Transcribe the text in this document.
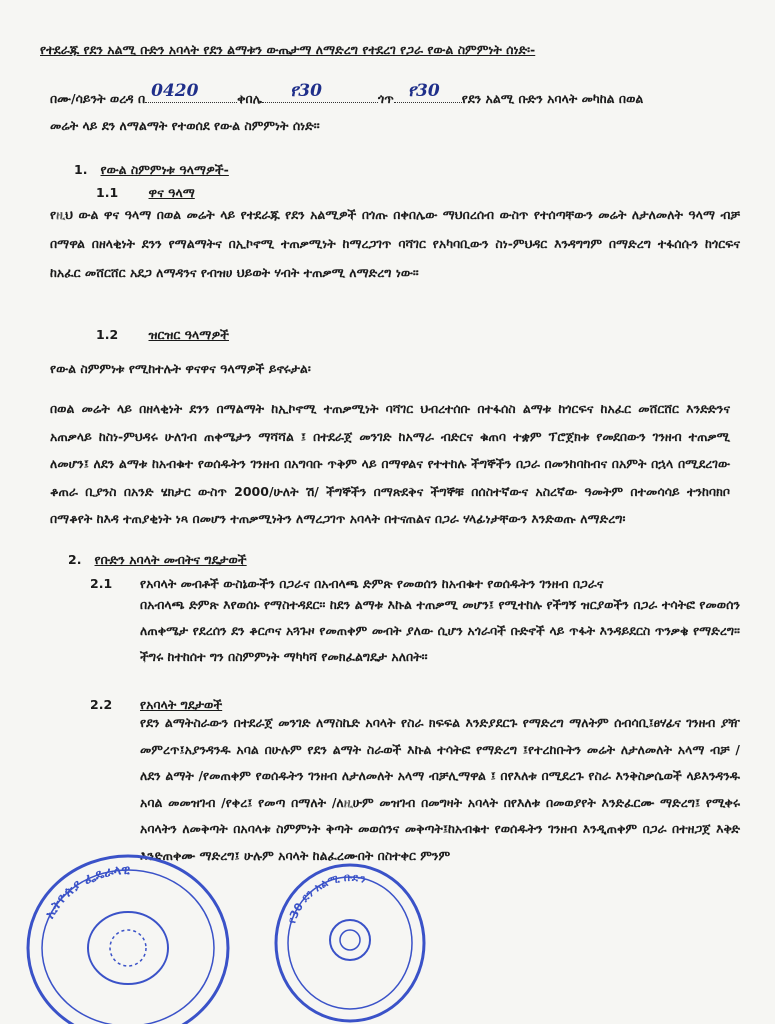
የተደራጁ የደን አልሚ ቡድን አባላት የደን ልማቱን ውጤታማ ለማድረግ የተደረገ የጋራ የውል ስምምነት ሰነድ፡-
በሙ/ሳይንት ወረዳ በ 0420	ቀበሌ የ30	ጎጥ የ30 የደን አልሚ ቡድን አባላት መካከል በወል
መሬት ላይ ደን ለማልማት የተወሰደ የውል ስምምነት ሰነድ፡፡
1. የውል ስምምነቱ ዓላማዎች-
1.1 ዋና ዓላማ
የዚህ ውል ዋና ዓላማ በወል መሬት ላይ የተደራጁ የደን አልሚዎች በጎጡ በቀበሌው ማህበረሰብ ውስጥ የተሰጣቸውን መሬት ለታለመለት ዓላማ ብቻ በማዋል በዘላቂነት ደንን የማልማትና በኢኮኖሚ ተጠቃሚነት ከማረጋገጥ ባሻገር የአካባቢውን ስነ-ምህዳር እንዳግግም በማድረግ ተፋሰሱን ከጎርፍና ከአፈር መሸርሸር አደጋ ለማዳንና የብዝሀ ህይወት ሃብት ተጠቃሚ ለማድረግ ነው፡፡
1.2 ዝርዝር ዓላማዎች
የውል ስምምነቱ የሚከተሉት ዋናዋና ዓላማዎች ይኖሩታል፡
በወል መሬት ላይ በዘላቂነት ደንን በማልማት ከኢኮኖሚ ተጠቃሚነት ባሻገር ህብረተሰቡ በተፋሰስ ልማቱ ከጎርፍና ከአፈር መሸርሸር እንድድንና አጠቃላይ ከስነ-ምህዳሩ ሁለገብ ጠቀሜታን ማሻሻል ፤ በተደራጀ መንገድ ከአማራ ብድርና ቁጠባ ተቋም ፕሮጀክቱ የመደበውን ገንዘብ ተጠቃሚ ለመሆን፤ ለደን ልማቱ ከአብቁተ የወሰዱትን ገንዘብ በአግባቡ ጥቅም ላይ በማዋልና የተተከሉ ችግኞችን በጋራ በመንከባከብና በአምት በኋላ በሚደረገው ቆጠራ ቢያንስ በአንድ ሄክታር ውስጥ 2000/ሁለት ሽ/ ችግኞችን በማጽደቅና ችግኞቹ በሰስተኛውና አስረኛው ዓመትም በተመሳሳይ ተንከባክቦ በማቆየት ከእዳ ተጠያቂነት ነጻ በመሆን ተጠቃሚነትን ለማረጋገጥ አባላት በተናጠልና በጋራ ሃላፊነታቸውን እንድወጡ ለማድረግ፡
2. የቡድን አባላት መብትና ግዴታወች
2.1 የአባላት መብቶች ውስኔውችን በጋራና በአብላጫ ድምጽ የመወሰን ከአብቁተ የወሰዱትን ገንዘብ በጋራና
በአብላጫ ድምጽ እየወሰኑ የማስተዳደር፡፡ ከደን ልማቱ እኩል ተጠቃሚ መሆን፤ የሚተከሉ የችግኝ ዝርያወችን በጋራ ተሳትፎ የመወሰን ለጠቀሜታ የደረሰን ደን ቆርጦና አጓጉዞ የመጠቀም መብት ያለው ሲሆን አጎራባች ቡድኖች ላይ ጥፋት እንዳይደርስ ጥንቃቄ የማድረግ፡፡ችግሩ ከተከሰተ ግን በስምምነት ማካካሻ የመክፈልግዴታ አለበት፡፡
2.2 የአባላት ግደታወች
የደን ልማትስራውን በተደራጀ መንገድ ለማስኬድ አባላት የስራ ክፍፍል እንድያደርጉ የማድረግ ማለትም ሰብሳቢ፤ፀሃፊና ገንዘብ ያዥ መምረጥ፤አያንዳንዱ አባል በሁሉም የደን ልማት ስራወች እኩል ተሳትፎ የማድረግ ፤የተረከቡትን መሬት ለታለመለት አላማ ብቻ /ለደን ልማት /የመጠቀም የወሰዱትን ገንዘብ ለታለመለት አላማ ብቻሊማዋል ፤ በየእለቱ በሚደረጉ የስራ እንቅስቃሴወች ላይእንዳንዱ አባል መመዝገብ /የቀረ፤ የመጣ በማለት /ለዚሁም መዝገብ በመግዛት አባላት በየእለቱ በመወያየት እንድፈርሙ ማድረግ፤ የሚቀሩ አባላትን ለመቅጣት በአባላቱ ስምምነት ቅጣት መወሰንና መቅጣት፤ከአብቁተ የወሰዱትን ገንዘብ እንዲጠቀም በጋራ በተዘጋጀ እቅድ እንድጠቀሙ ማድረግ፤ ሁሉም አባላት ከልፈረሙበት በስተቀር ምንም
ኢትዮጵያ ፌዴራላዊ
የ30 ደን አልሚ ቡድን
